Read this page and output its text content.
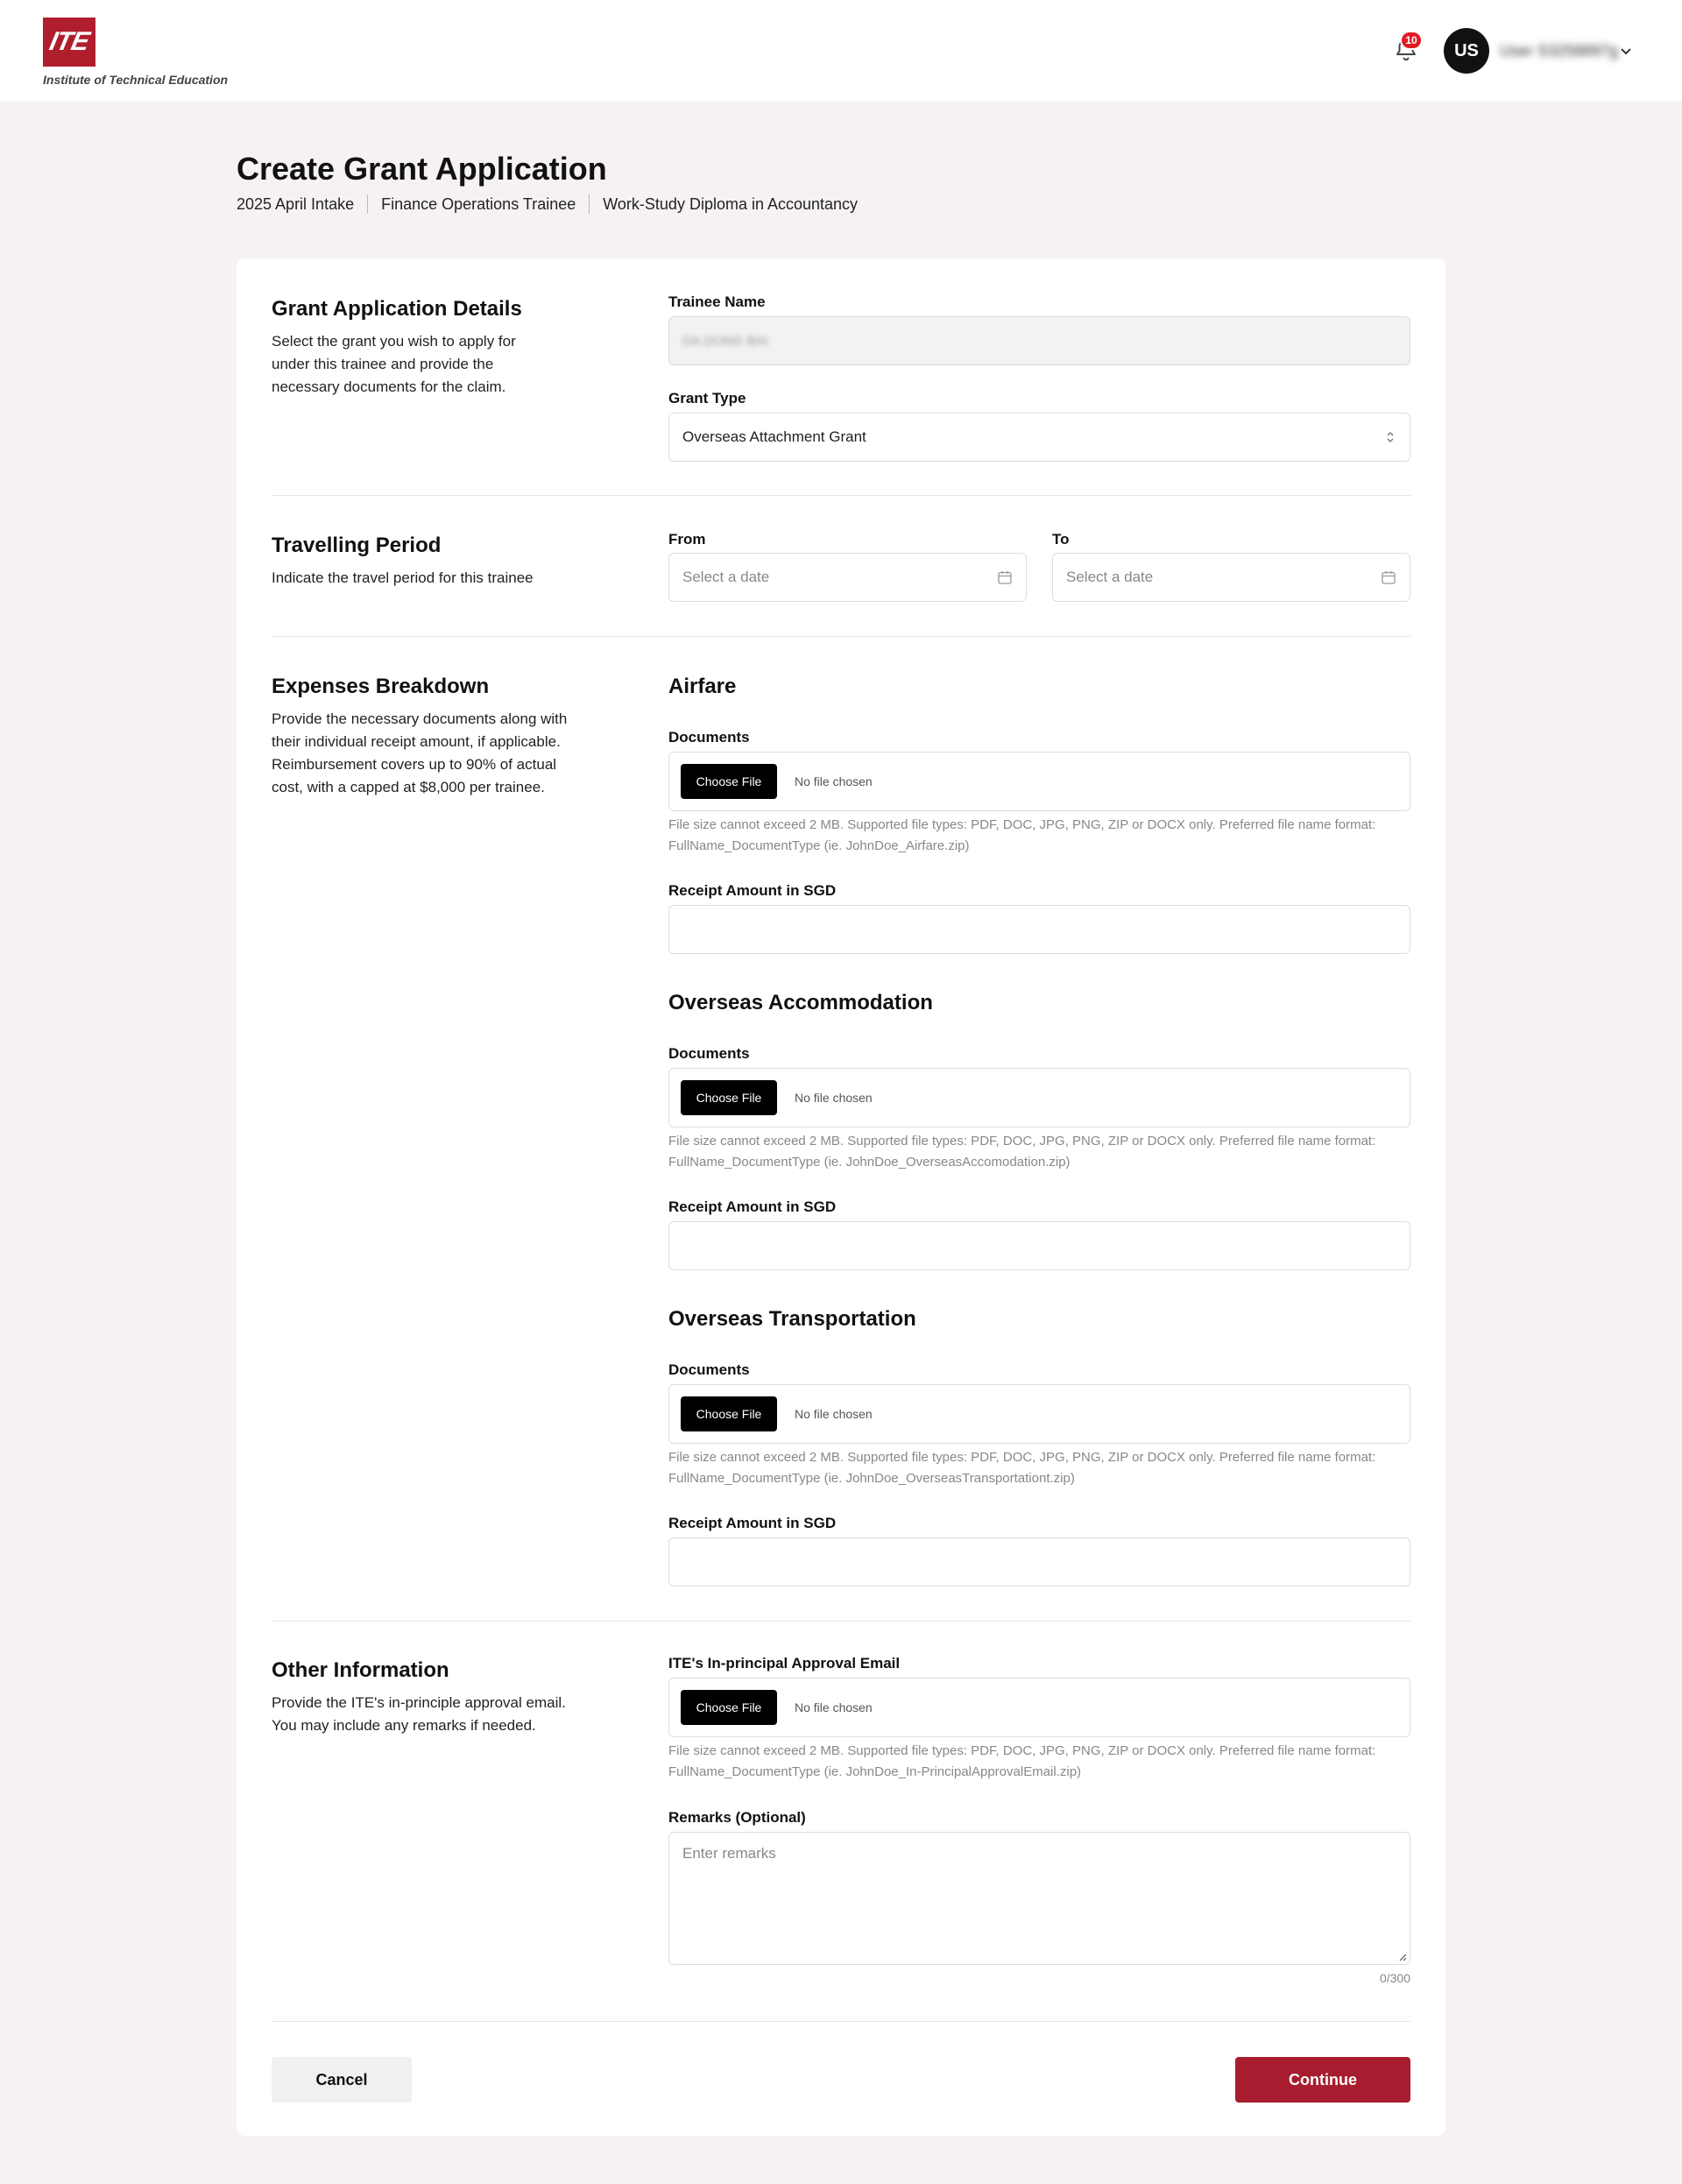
ITE
Institute of Technical Education
10
US	User S3258897g
Create Grant Application
2025 April Intake Finance Operations Trainee Work-Study Diploma in Accountancy
Grant Application Details
Select the grant you wish to apply for under this trainee and provide the necessary documents for the claim.
Trainee Name
DA DONG BAI
Grant Type
Overseas Attachment Grant
Travelling Period
Indicate the travel period for this trainee
From
Select a date
To
Select a date
Expenses Breakdown
Provide the necessary documents along with their individual receipt amount, if applicable. Reimbursement covers up to 90% of actual cost, with a capped at $8,000 per trainee.
Airfare
Documents
Choose File	No file chosen
File size cannot exceed 2 MB. Supported file types: PDF, DOC, JPG, PNG, ZIP or DOCX only. Preferred file name format:
FullName_DocumentType (ie. JohnDoe_Airfare.zip)
Receipt Amount in SGD
Overseas Accommodation
Documents
Choose File	No file chosen
File size cannot exceed 2 MB. Supported file types: PDF, DOC, JPG, PNG, ZIP or DOCX only. Preferred file name format:
FullName_DocumentType (ie. JohnDoe_OverseasAccomodation.zip)
Receipt Amount in SGD
Overseas Transportation
Documents
Choose File	No file chosen
File size cannot exceed 2 MB. Supported file types: PDF, DOC, JPG, PNG, ZIP or DOCX only. Preferred file name format:
FullName_DocumentType (ie. JohnDoe_OverseasTransportationt.zip)
Receipt Amount in SGD
Other Information
Provide the ITE's in-principle approval email. You may include any remarks if needed.
ITE's In-principal Approval Email
Choose File	No file chosen
File size cannot exceed 2 MB. Supported file types: PDF, DOC, JPG, PNG, ZIP or DOCX only. Preferred file name format:
FullName_DocumentType (ie. JohnDoe_In-PrincipalApprovalEmail.zip)
Remarks (Optional)
Enter remarks
0/300
Cancel	Continue
